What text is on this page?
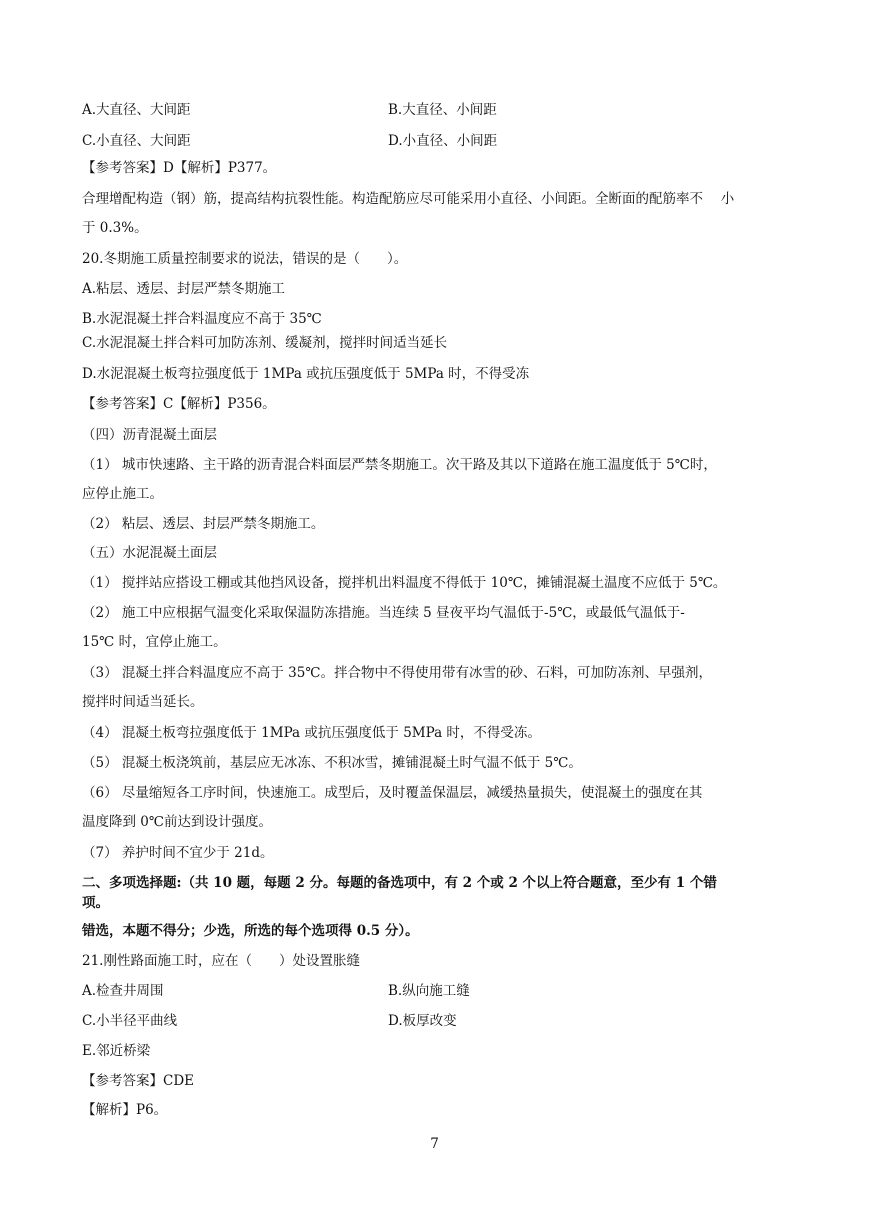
A.大直径、大间距	B.大直径、小间距
C.小直径、大间距	D.小直径、小间距
【参考答案】D【解析】P377。
合理增配构造（钢）筋，提高结构抗裂性能。构造配筋应尽可能采用小直径、小间距。全断面的配筋率不　 小
于 0.3%。
20.冬期施工质量控制要求的说法，错误的是（　　）。
A.粘层、透层、封层严禁冬期施工
B.水泥混凝土拌合料温度应不高于 35℃
C.水泥混凝土拌合料可加防冻剂、缓凝剂，搅拌时间适当延长
D.水泥混凝土板弯拉强度低于 1MPa 或抗压强度低于 5MPa 时，不得受冻
【参考答案】C【解析】P356。
（四）沥青混凝土面层
（1） 城市快速路、主干路的沥青混合料面层严禁冬期施工。次干路及其以下道路在施工温度低于 5℃时，
应停止施工。
（2） 粘层、透层、封层严禁冬期施工。
（五）水泥混凝土面层
（1） 搅拌站应搭设工棚或其他挡风设备，搅拌机出料温度不得低于 10℃，摊铺混凝土温度不应低于 5℃。
（2） 施工中应根据气温变化采取保温防冻措施。当连续 5 昼夜平均气温低于-5℃，或最低气温低于-
15℃ 时，宜停止施工。
（3） 混凝土拌合料温度应不高于 35℃。拌合物中不得使用带有冰雪的砂、石料，可加防冻剂、早强剂，
搅拌时间适当延长。
（4） 混凝土板弯拉强度低于 1MPa 或抗压强度低于 5MPa 时，不得受冻。
（5） 混凝土板浇筑前，基层应无冰冻、不积冰雪，摊铺混凝土时气温不低于 5℃。
（6） 尽量缩短各工序时间，快速施工。成型后，及时覆盖保温层，减缓热量损失，使混凝土的强度在其
温度降到 0℃前达到设计强度。
（7） 养护时间不宜少于 21d。
二、多项选择题:（共 10 题，每题 2 分。每题的备选项中，有 2 个或 2 个以上符合题意，至少有 1 个错
项。
错选，本题不得分；少选，所选的每个选项得 0.5 分）。
21.刚性路面施工时，应在（　　）处设置胀缝
A.检查井周围	B.纵向施工缝
C.小半径平曲线	D.板厚改变
E.邻近桥梁
【参考答案】CDE
【解析】P6。
7
